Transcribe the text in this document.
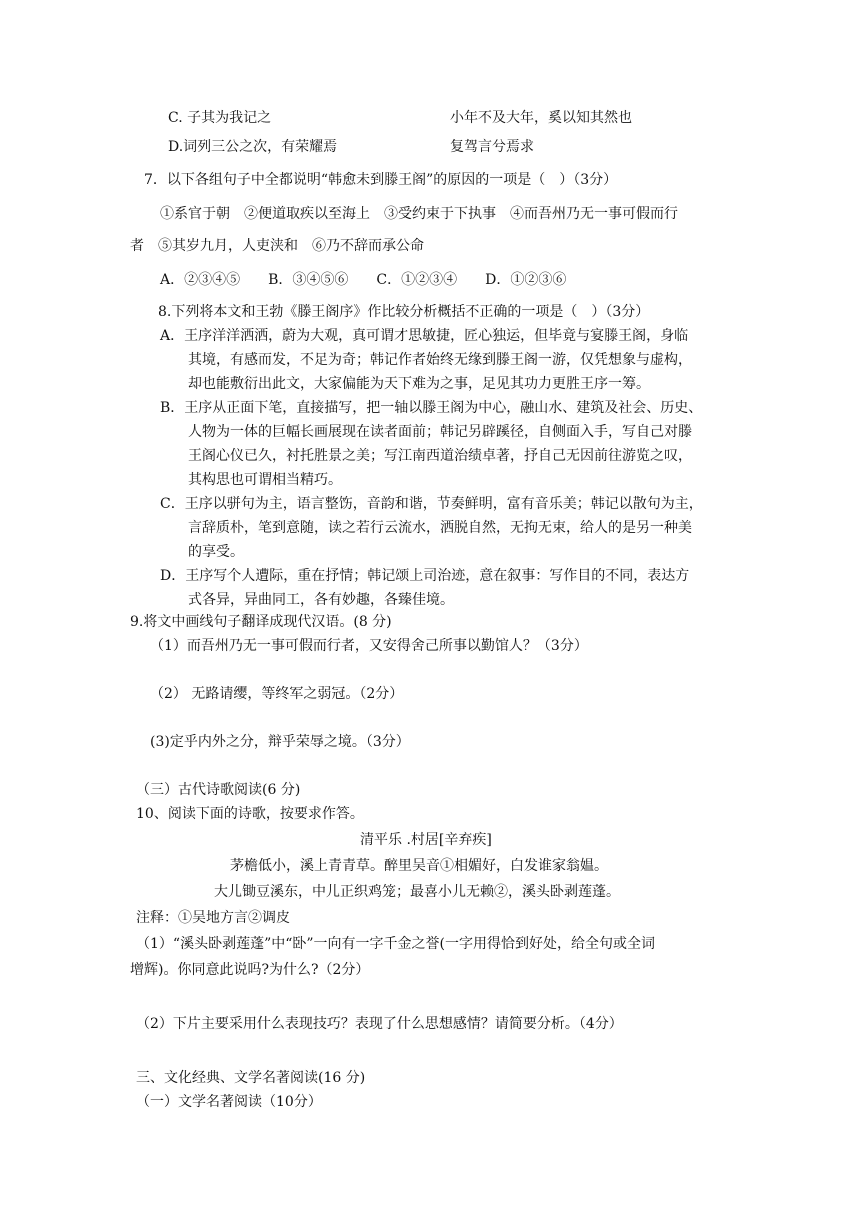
C. 子其为我记之	小年不及大年，奚以知其然也
D.词列三公之次，有荣耀焉	复驾言兮焉求
7．以下各组句子中全都说明“韩愈未到滕王阁”的原因的一项是（　）（3分）
①系官于朝　②便道取疾以至海上　③受约束于下执事　④而吾州乃无一事可假而行
者　⑤其岁九月，人吏浃和　⑥乃不辞而承公命
A．②③④⑤　　B．③④⑤⑥　　C．①②③④　　D．①②③⑥
8.下列将本文和王勃《滕王阁序》作比较分析概括不正确的一项是（　）（3分）
A．王序洋洋洒洒，蔚为大观，真可谓才思敏捷，匠心独运，但毕竟与宴滕王阁，身临
其境，有感而发，不足为奇；韩记作者始终无缘到滕王阁一游，仅凭想象与虚构，
却也能敷衍出此文，大家偏能为天下难为之事，足见其功力更胜王序一筹。
B．王序从正面下笔，直接描写，把一轴以滕王阁为中心，融山水、建筑及社会、历史、
人物为一体的巨幅长画展现在读者面前；韩记另辟蹊径，自侧面入手，写自己对滕
王阁心仪已久，衬托胜景之美；写江南西道治绩卓著，抒自己无因前往游览之叹，
其构思也可谓相当精巧。
C．王序以骈句为主，语言整饬，音韵和谐，节奏鲜明，富有音乐美；韩记以散句为主，
言辞质朴，笔到意随，读之若行云流水，洒脱自然，无拘无束，给人的是另一种美
的享受。
D．王序写个人遭际，重在抒情；韩记颂上司治迹，意在叙事：写作目的不同，表达方
式各异，异曲同工，各有妙趣，各臻佳境。
9.将文中画线句子翻译成现代汉语。(8 分)
（1）而吾州乃无一事可假而行者，又安得舍己所事以勤馆人？（3分）
（2） 无路请缨，等终军之弱冠。（2分）
(3)定乎内外之分，辩乎荣辱之境。（3分）
（三）古代诗歌阅读(6 分)
10、阅读下面的诗歌，按要求作答。
清平乐 .村居[辛弃疾]
茅檐低小，溪上青青草。醉里吴音①相媚好，白发谁家翁媪。
大儿锄豆溪东，中儿正织鸡笼；最喜小儿无赖②，溪头卧剥莲蓬。
注释：①吴地方言②调皮
（1）“溪头卧剥莲蓬”中“卧”一向有一字千金之誉(一字用得恰到好处，给全句或全词
增辉)。你同意此说吗?为什么?（2分）
（2）下片主要采用什么表现技巧？表现了什么思想感情？请简要分析。（4分）
三、文化经典、文学名著阅读(16 分)
（一）文学名著阅读（10分）
